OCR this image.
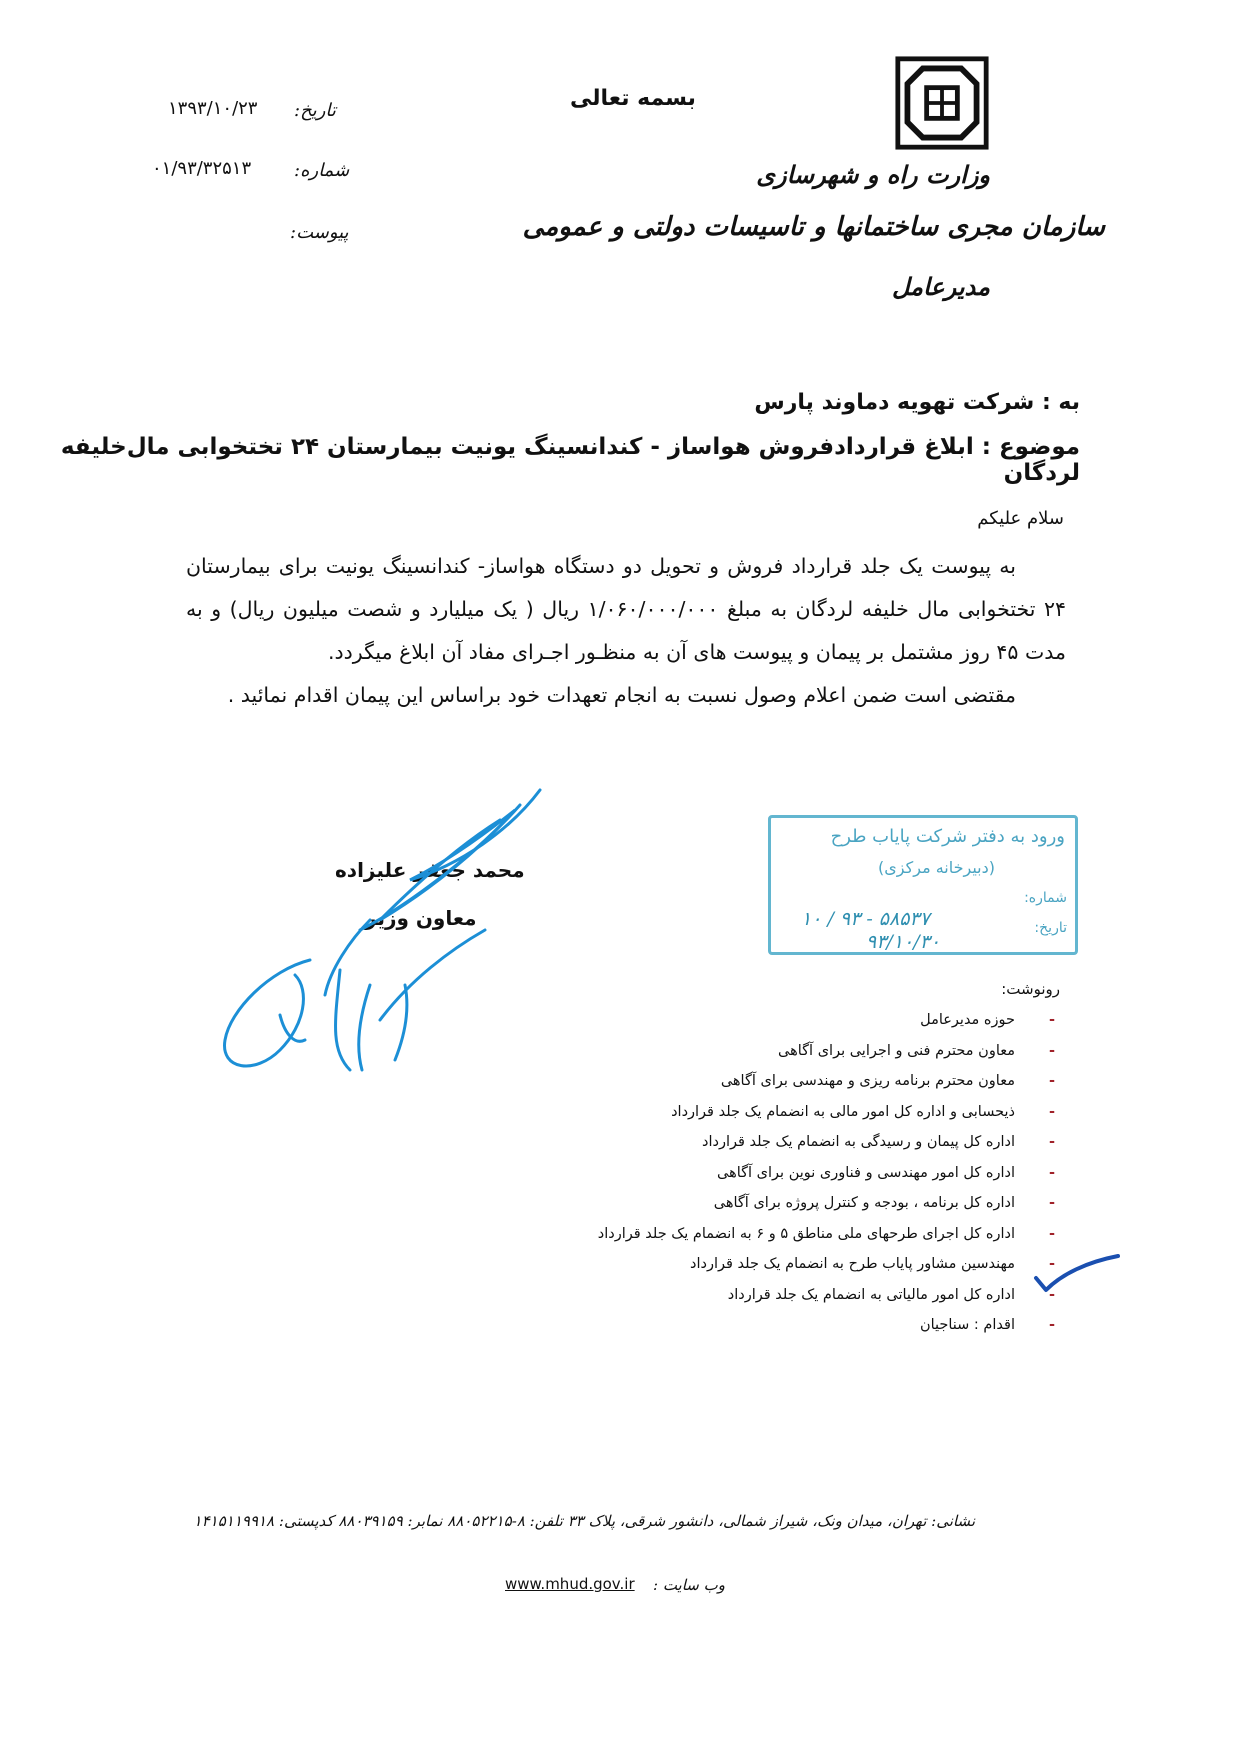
وزارت راه و شهرسازی
سازمان مجری ساختمانها و تاسیسات دولتی و عمومی
مدیرعامل
بسمه تعالی
تاریخ:
۱۳۹۳/۱۰/۲۳
شماره:
۰۱/۹۳/۳۲۵۱۳
پیوست:
به : شرکت تهویه دماوند پارس
موضوع : ابلاغ قراردادفروش هواساز - کندانسینگ یونیت بیمارستان ۲۴ تختخوابی مال‌خلیفه لردگان
سلام علیکم

به پیوست یک جلد قرارداد فروش و تحویل دو دستگاه هواساز- کندانسینگ یونیت برای بیمارستان ۲۴ تختخوابی مال خلیفه لردگان به مبلغ ۱/۰۶۰/۰۰۰/۰۰۰ ریال ( یک میلیارد و شصت میلیون ریال) و به مدت ۴۵ روز مشتمل بر پیمان و پیوست های آن به منظـور اجـرای مفاد آن ابلاغ میگردد.

مقتضی است ضمن اعلام وصول نسبت به انجام تعهدات خود براساس این پیمان اقدام نمائید .

محمد جعفر علیزاده
معاون وزیر
ورود به دفتر شرکت پایاب طرح
(دبیرخانه مرکزی)
شماره:
۱۰ / ۹۳ - ۵۸۵۳۷	تاریخ:
۹۳/۱۰/۳۰
رونوشت:
-
حوزه مدیرعامل
-
معاون محترم فنی و اجرایی برای آگاهی
-
معاون محترم برنامه ریزی و مهندسی برای آگاهی
-
ذیحسابی و اداره کل امور مالی به انضمام یک جلد قرارداد
-
اداره کل پیمان و رسیدگی به انضمام یک جلد قرارداد
-
اداره کل امور مهندسی و فناوری نوین برای آگاهی
-
اداره کل برنامه ، بودجه و کنترل پروژه برای آگاهی
-
اداره کل اجرای طرحهای ملی مناطق ۵ و ۶ به انضمام یک جلد قرارداد
-
مهندسین مشاور پایاب طرح به انضمام یک جلد قرارداد
-
اداره کل امور مالیاتی به انضمام یک جلد قرارداد
-
اقدام : سناجیان
نشانی: تهران، میدان ونک، شیراز شمالی، دانشور شرقی، پلاک ۳۳ تلفن: ۸-۸۸۰۵۲۲۱۵ نمابر: ۸۸۰۳۹۱۵۹ کدپستی: ۱۴۱۵۱۱۹۹۱۸
وب سایت :
www.mhud.gov.ir
